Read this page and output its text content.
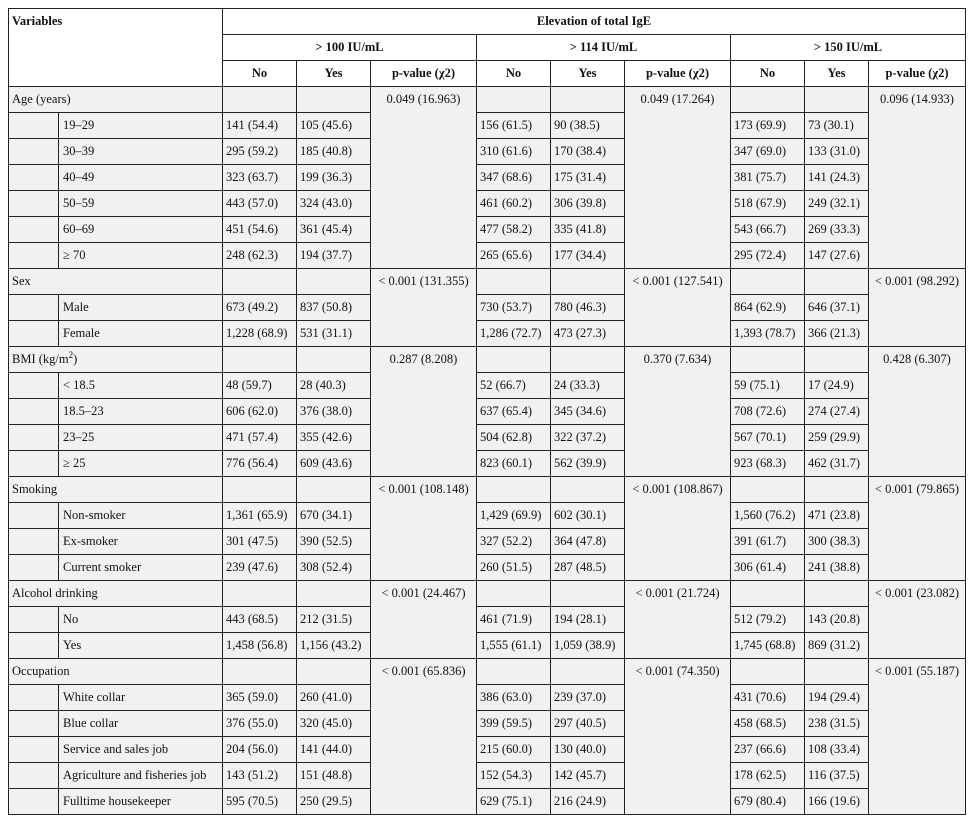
Variables		Elevation of total IgE								
		> 100 IU/mL			> 114 IU/mL			> 150 IU/mL		
		No	Yes	p-value (χ2)	No	Yes	p-value (χ2)	No	Yes	p-value (χ2)
Age (years)				0.049 (16.963)			0.049 (17.264)			0.096 (14.933)
	19–29	141 (54.4)	105 (45.6)		156 (61.5)	90 (38.5)		173 (69.9)	73 (30.1)	
	30–39	295 (59.2)	185 (40.8)		310 (61.6)	170 (38.4)		347 (69.0)	133 (31.0)	
	40–49	323 (63.7)	199 (36.3)		347 (68.6)	175 (31.4)		381 (75.7)	141 (24.3)	
	50–59	443 (57.0)	324 (43.0)		461 (60.2)	306 (39.8)		518 (67.9)	249 (32.1)	
	60–69	451 (54.6)	361 (45.4)		477 (58.2)	335 (41.8)		543 (66.7)	269 (33.3)	
	≥ 70	248 (62.3)	194 (37.7)		265 (65.6)	177 (34.4)		295 (72.4)	147 (27.6)	
Sex				< 0.001 (131.355)			< 0.001 (127.541)			< 0.001 (98.292)
	Male	673 (49.2)	837 (50.8)		730 (53.7)	780 (46.3)		864 (62.9)	646 (37.1)	
	Female	1,228 (68.9)	531 (31.1)		1,286 (72.7)	473 (27.3)		1,393 (78.7)	366 (21.3)	
BMI $(kg/m^2)$				0.287 (8.208)			0.370 (7.634)			0.428 (6.307)
	< 18.5	48 (59.7)	28 (40.3)		52 (66.7)	24 (33.3)		59 (75.1)	17 (24.9)	
	18.5–23	606 (62.0)	376 (38.0)		637 (65.4)	345 (34.6)		708 (72.6)	274 (27.4)	
	23–25	471 (57.4)	355 (42.6)		504 (62.8)	322 (37.2)		567 (70.1)	259 (29.9)	
	≥ 25	776 (56.4)	609 (43.6)		823 (60.1)	562 (39.9)		923 (68.3)	462 (31.7)	
Smoking				< 0.001 (108.148)			< 0.001 (108.867)			< 0.001 (79.865)
	Non-smoker	1,361 (65.9)	670 (34.1)		1,429 (69.9)	602 (30.1)		1,560 (76.2)	471 (23.8)	
	Ex-smoker	301 (47.5)	390 (52.5)		327 (52.2)	364 (47.8)		391 (61.7)	300 (38.3)	
	Current smoker	239 (47.6)	308 (52.4)		260 (51.5)	287 (48.5)		306 (61.4)	241 (38.8)	
Alcohol drinking				< 0.001 (24.467)			< 0.001 (21.724)			< 0.001 (23.082)
	No	443 (68.5)	212 (31.5)		461 (71.9)	194 (28.1)		512 (79.2)	143 (20.8)	
	Yes	1,458 (56.8)	1,156 (43.2)		1,555 (61.1)	1,059 (38.9)		1,745 (68.8)	869 (31.2)	
Occupation				< 0.001 (65.836)			< 0.001 (74.350)			< 0.001 (55.187)
	White collar	365 (59.0)	260 (41.0)		386 (63.0)	239 (37.0)		431 (70.6)	194 (29.4)	
	Blue collar	376 (55.0)	320 (45.0)		399 (59.5)	297 (40.5)		458 (68.5)	238 (31.5)	
	Service and sales job	204 (56.0)	141 (44.0)		215 (60.0)	130 (40.0)		237 (66.6)	108 (33.4)	
	Agriculture and fisheries job	143 (51.2)	151 (48.8)		152 (54.3)	142 (45.7)		178 (62.5)	116 (37.5)	
	Fulltime housekeeper	595 (70.5)	250 (29.5)		629 (75.1)	216 (24.9)		679 (80.4)	166 (19.6)	
